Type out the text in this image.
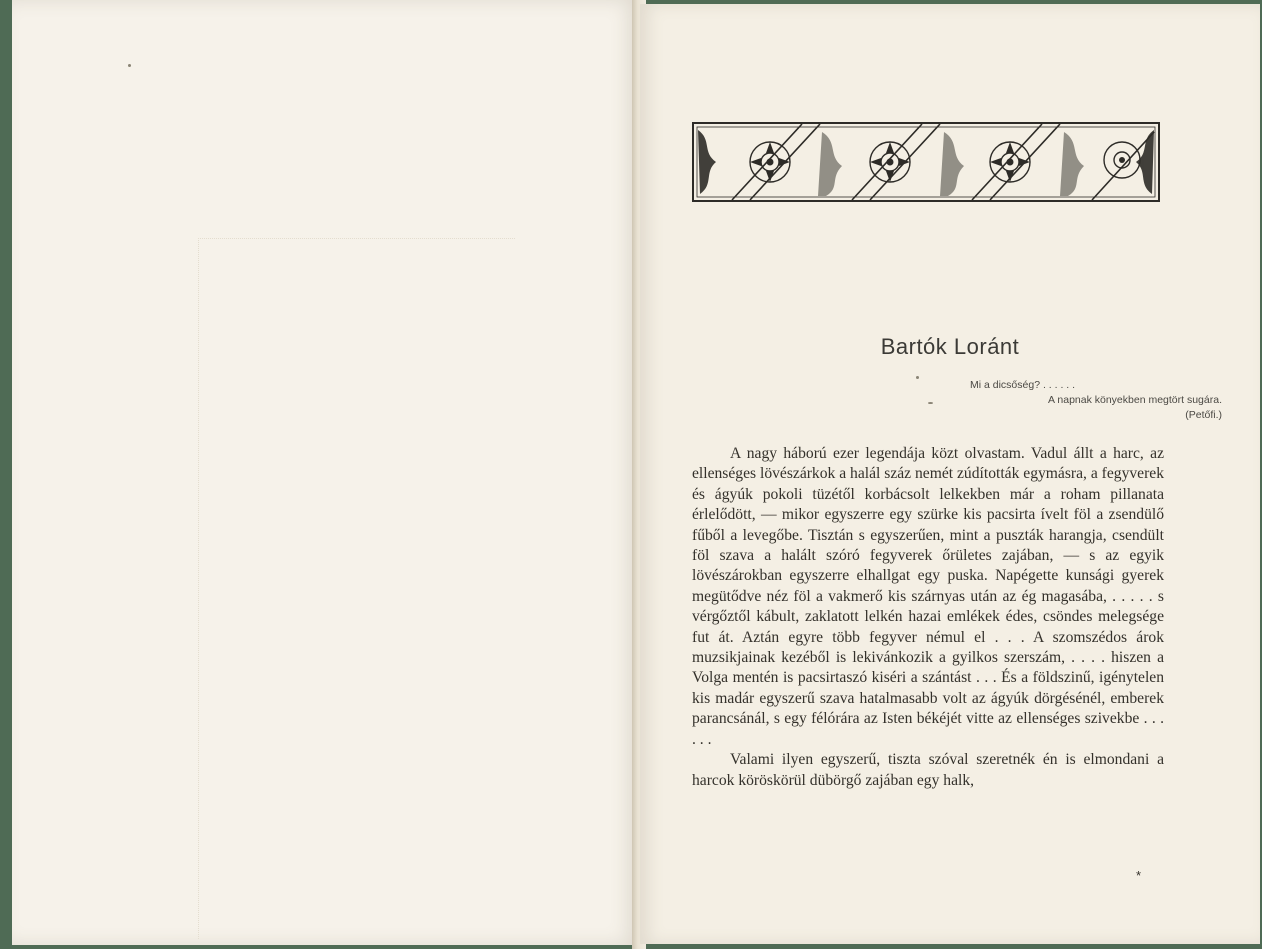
Bartók Loránt
Mi a dicsőség? . . . . . .
A napnak könyekben megtört sugára.
(Petőfi.)

A nagy háború ezer legendája közt olvastam. Vadul állt a harc, az ellenséges lövészárkok a halál száz nemét zúdították egymásra, a fegyverek és ágyúk pokoli tüzétől korbácsolt lelkekben már a roham pillanata érlelődött, — mikor egyszerre egy szürke kis pacsirta ívelt föl a zsendülő fűből a levegőbe. Tisztán s egyszerűen, mint a puszták harangja, csendült föl szava a halált szóró fegyverek őrületes zajában, — s az egyik lövészárokban egyszerre elhallgat egy puska. Napégette kunsági gyerek megütődve néz föl a vakmerő kis szárnyas után az ég magasába, . . . . . s vérgőztől kábult, zaklatott lelkén hazai emlékek édes, csöndes melegsége fut át. Aztán egyre több fegyver némul el . . . A szomszédos árok muzsikjainak kezéből is lekivánkozik a gyilkos szerszám, . . . . hiszen a Volga mentén is pacsirtaszó kiséri a szántást . . . És a földszinű, igénytelen kis madár egyszerű szava hatalmasabb volt az ágyúk dörgésénél, emberek parancsánál, s egy félórára az Isten békéjét vitte az ellenséges szivekbe . . . . . .

Valami ilyen egyszerű, tiszta szóval szeretnék én is elmondani a harcok köröskörül dübörgő zajában egy halk,

*
